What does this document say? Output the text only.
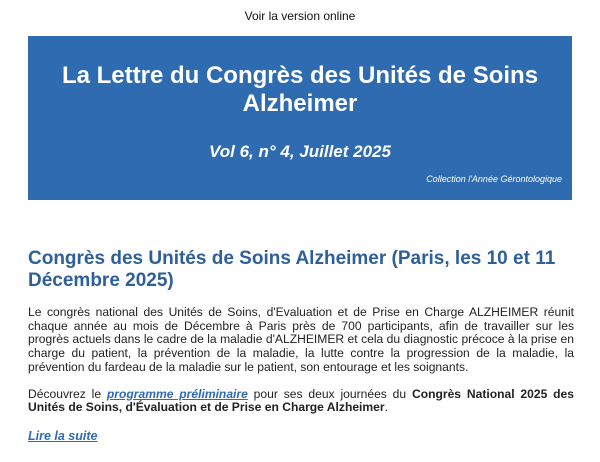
Voir la version online
La Lettre du Congrès des Unités de Soins Alzheimer
Vol 6, n° 4, Juillet 2025
Collection l'Année Gérontologique
Congrès des Unités de Soins Alzheimer (Paris, les 10 et 11 Décembre 2025)

Le congrès national des Unités de Soins, d'Evaluation et de Prise en Charge ALZHEIMER réunit chaque année au mois de Décembre à Paris près de 700 participants, afin de travailler sur les progrès actuels dans le cadre de la maladie d'ALZHEIMER et cela du diagnostic précoce à la prise en charge du patient, la prévention de la maladie, la lutte contre la progression de la maladie, la prévention du fardeau de la maladie sur le patient, son entourage et les soignants.

Découvrez le programme préliminaire pour ses deux journées du Congrès National 2025 des Unités de Soins, d'Évaluation et de Prise en Charge Alzheimer.

Lire la suite
